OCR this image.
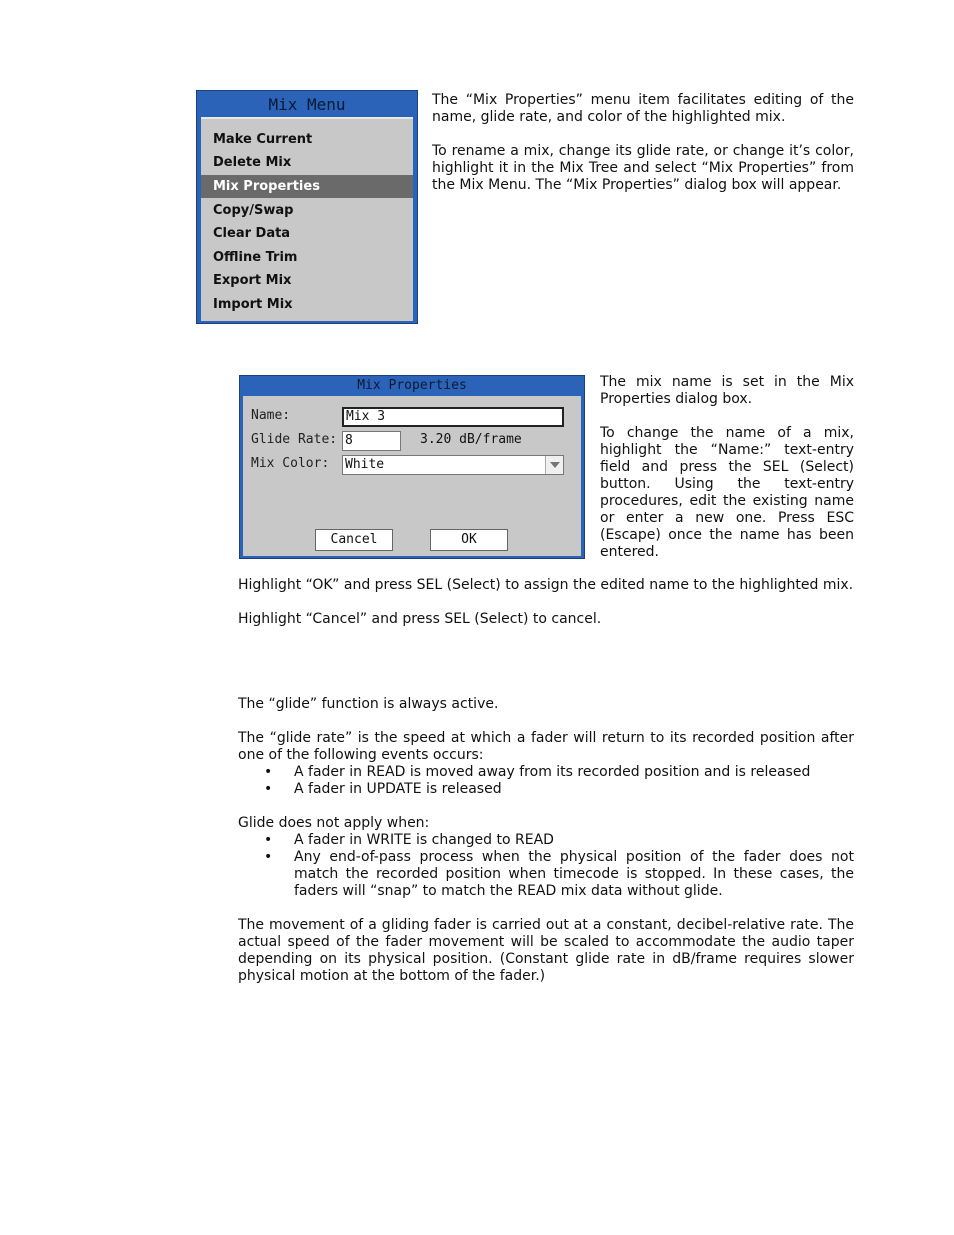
Mix Menu
Make Current
Delete Mix
Mix Properties
Copy/Swap
Clear Data
Offline Trim
Export Mix
Import Mix

The “Mix Properties” menu item facilitates editing of the name, glide rate, and color of the highlighted mix.

To rename a mix, change its glide rate, or change it’s color, highlight it in the Mix Tree and select “Mix Properties” from the Mix Menu. The “Mix Properties” dialog box will appear.

Mix Properties
Name:	Mix 3
Glide Rate: 8	3.20 dB/frame
Mix Color: White
Cancel	OK

The mix name is set in the Mix Properties dialog box.

To change the name of a mix, highlight the “Name:” text-entry field and press the SEL (Select) button. Using the text-entry procedures, edit the existing name or enter a new one. Press ESC (Escape) once the name has been entered.

Highlight “OK” and press SEL (Select) to assign the edited name to the highlighted mix.

Highlight “Cancel” and press SEL (Select) to cancel.

The “glide” function is always active.

The “glide rate” is the speed at which a fader will return to its recorded position after one of the following events occurs:
• A fader in READ is moved away from its recorded position and is released
• A fader in UPDATE is released
Glide does not apply when:
• A fader in WRITE is changed to READ
• Any end-of-pass process when the physical position of the fader does not match the recorded position when timecode is stopped. In these cases, the faders will “snap” to match the READ mix data without glide.

The movement of a gliding fader is carried out at a constant, decibel-relative rate. The actual speed of the fader movement will be scaled to accommodate the audio taper depending on its physical position. (Constant glide rate in dB/frame requires slower physical motion at the bottom of the fader.)
